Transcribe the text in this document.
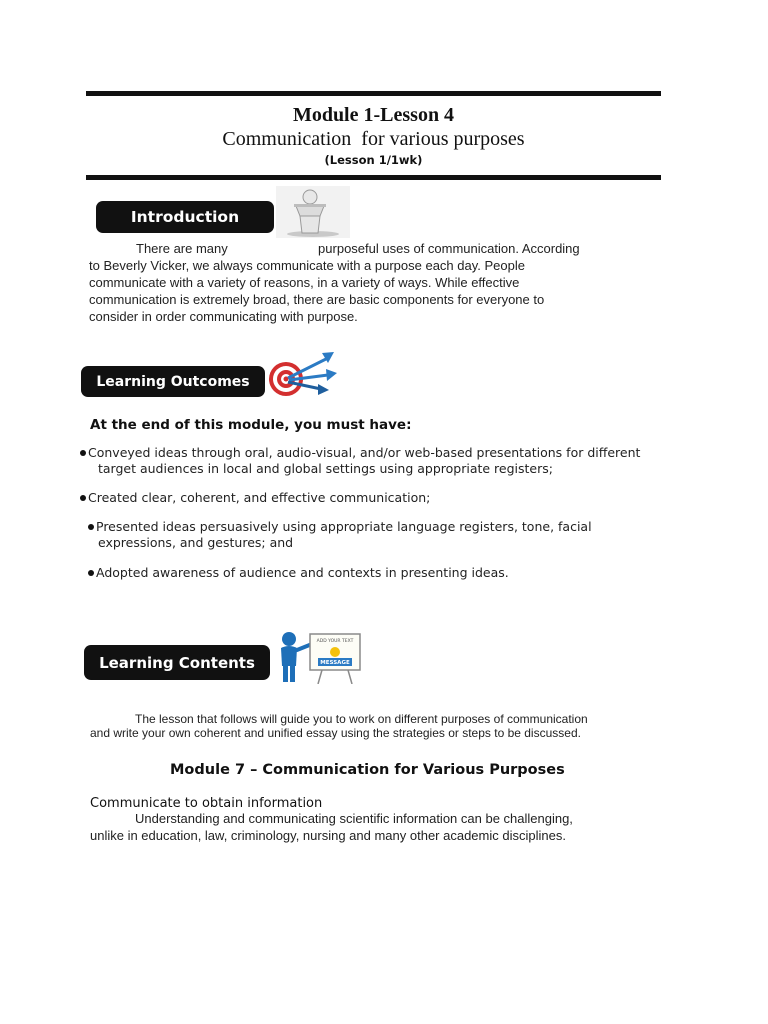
Module 1-Lesson 4
Communication  for various purposes
(Lesson 1/1wk)
Introduction
There are many                         purposeful uses of communication. According
to Beverly Vicker, we always communicate with a purpose each day. People
communicate with a variety of reasons, in a variety of ways. While effective
communication is extremely broad, there are basic components for everyone to
consider in order communicating with purpose.
Learning Outcomes
At the end of this module, you must have:
Conveyed ideas through oral, audio-visual, and/or web-based presentations for different
target audiences in local and global settings using appropriate registers;
Created clear, coherent, and effective communication;
Presented ideas persuasively using appropriate language registers, tone, facial
expressions, and gestures; and
Adopted awareness of audience and contexts in presenting ideas.
Learning Contents
ADD YOUR TEXT
MESSAGE
The lesson that follows will guide you to work on different purposes of communication
and write your own coherent and unified essay using the strategies or steps to be discussed.
Module 7 – Communication for Various Purposes
Communicate to obtain information
Understanding and communicating scientific information can be challenging,
unlike in education, law, criminology, nursing and many other academic disciplines.
